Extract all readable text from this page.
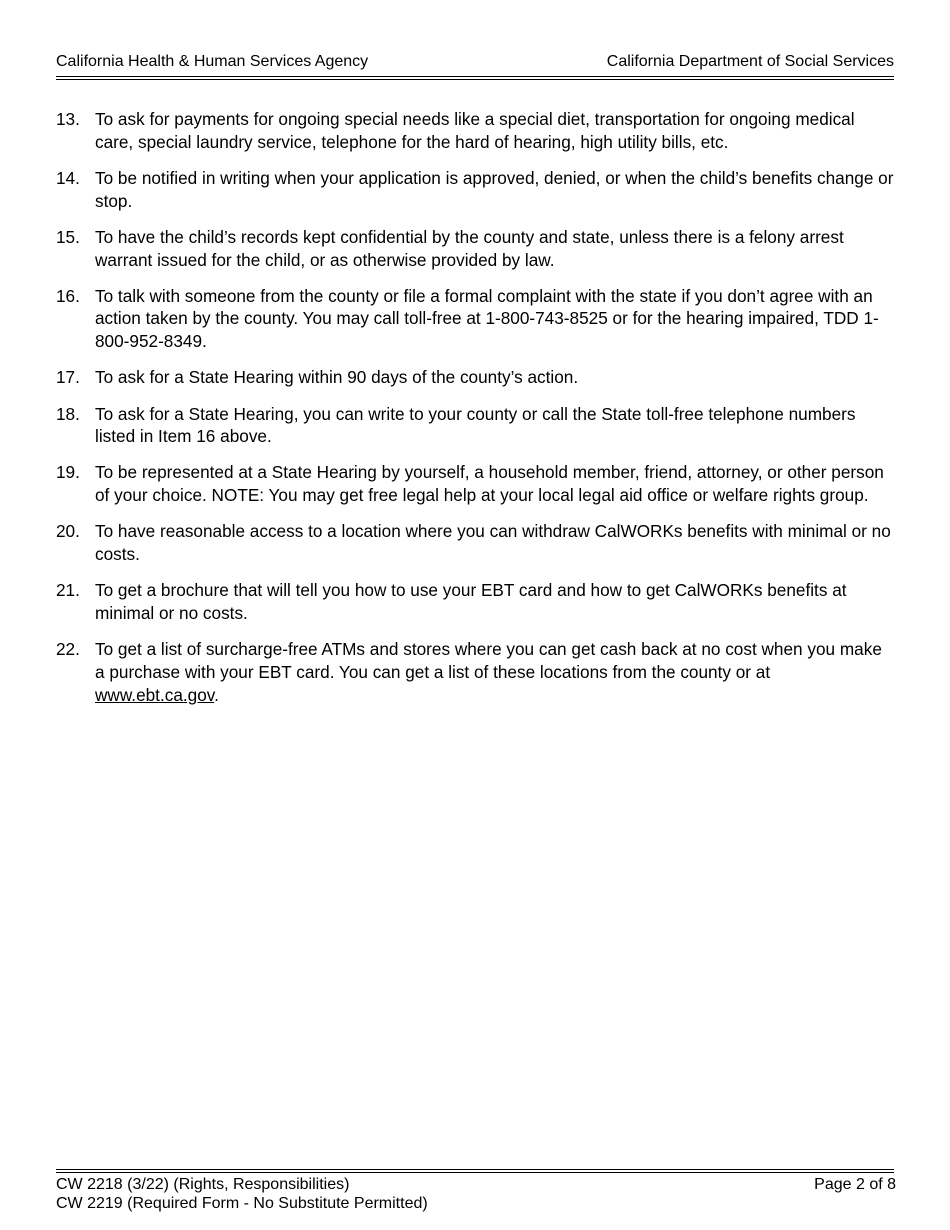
California Health & Human Services Agency	California Department of Social Services
13. To ask for payments for ongoing special needs like a special diet, transportation for ongoing medical care, special laundry service, telephone for the hard of hearing, high utility bills, etc.
14. To be notified in writing when your application is approved, denied, or when the child’s benefits change or stop.
15. To have the child’s records kept confidential by the county and state, unless there is a felony arrest warrant issued for the child, or as otherwise provided by law.
16. To talk with someone from the county or file a formal complaint with the state if you don’t agree with an action taken by the county. You may call toll-free at 1-800-743-8525 or for the hearing impaired, TDD 1-800-952-8349.
17. To ask for a State Hearing within 90 days of the county’s action.
18. To ask for a State Hearing, you can write to your county or call the State toll-free telephone numbers listed in Item 16 above.
19. To be represented at a State Hearing by yourself, a household member, friend, attorney, or other person of your choice. NOTE: You may get free legal help at your local legal aid office or welfare rights group.
20. To have reasonable access to a location where you can withdraw CalWORKs benefits with minimal or no costs.
21. To get a brochure that will tell you how to use your EBT card and how to get CalWORKs benefits at minimal or no costs.
22. To get a list of surcharge-free ATMs and stores where you can get cash back at no cost when you make a purchase with your EBT card. You can get a list of these locations from the county or at www.ebt.ca.gov.
CW 2218 (3/22) (Rights, Responsibilities)	Page 2 of 8
CW 2219 (Required Form - No Substitute Permitted)
